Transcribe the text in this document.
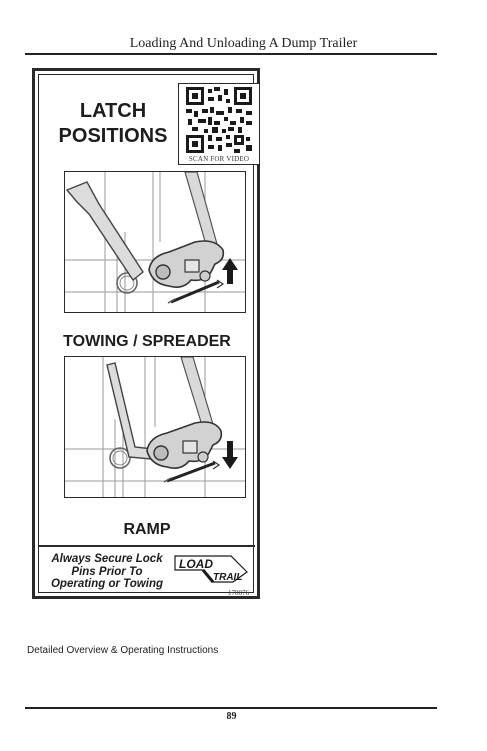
Loading And Unloading A Dump Trailer
LATCH
POSITIONS
SCAN FOR VIDEO
TOWING / SPREADER
RAMP
Always Secure Lock
Pins Prior To
Operating or Towing
LOAD
TRAIL
170076
Detailed Overview & Operating Instructions
89
